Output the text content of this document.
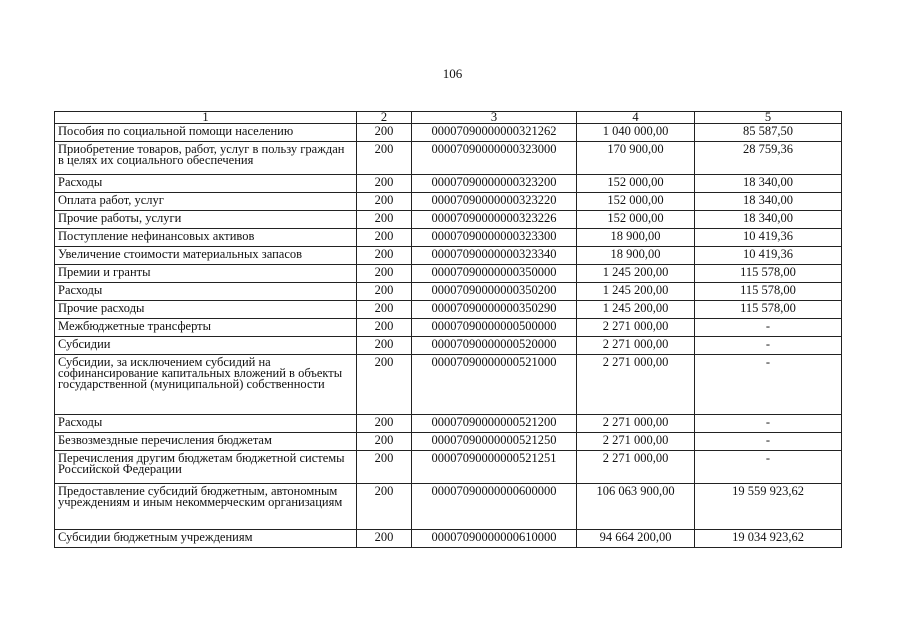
106
1	2	3	4	5
Пособия по социальной помощи населению	200	00007090000000321262	1 040 000,00	85 587,50
Приобретение товаров, работ, услуг в пользу граждан в целях их социального обеспечения	200	00007090000000323000	170 900,00	28 759,36
Расходы	200	00007090000000323200	152 000,00	18 340,00
Оплата работ, услуг	200	00007090000000323220	152 000,00	18 340,00
Прочие работы, услуги	200	00007090000000323226	152 000,00	18 340,00
Поступление нефинансовых активов	200	00007090000000323300	18 900,00	10 419,36
Увеличение стоимости материальных запасов	200	00007090000000323340	18 900,00	10 419,36
Премии и гранты	200	00007090000000350000	1 245 200,00	115 578,00
Расходы	200	00007090000000350200	1 245 200,00	115 578,00
Прочие расходы	200	00007090000000350290	1 245 200,00	115 578,00
Межбюджетные трансферты	200	00007090000000500000	2 271 000,00	-
Субсидии	200	00007090000000520000	2 271 000,00	-
Субсидии, за исключением субсидий на софинансирование капитальных вложений в объекты государственной (муниципальной) собственности	200	00007090000000521000	2 271 000,00	-
Расходы	200	00007090000000521200	2 271 000,00	-
Безвозмездные перечисления бюджетам	200	00007090000000521250	2 271 000,00	-
Перечисления другим бюджетам бюджетной системы Российской Федерации	200	00007090000000521251	2 271 000,00	-
Предоставление субсидий бюджетным, автономным учреждениям и иным некоммерческим организациям	200	00007090000000600000	106 063 900,00	19 559 923,62
Субсидии бюджетным учреждениям	200	00007090000000610000	94 664 200,00	19 034 923,62
